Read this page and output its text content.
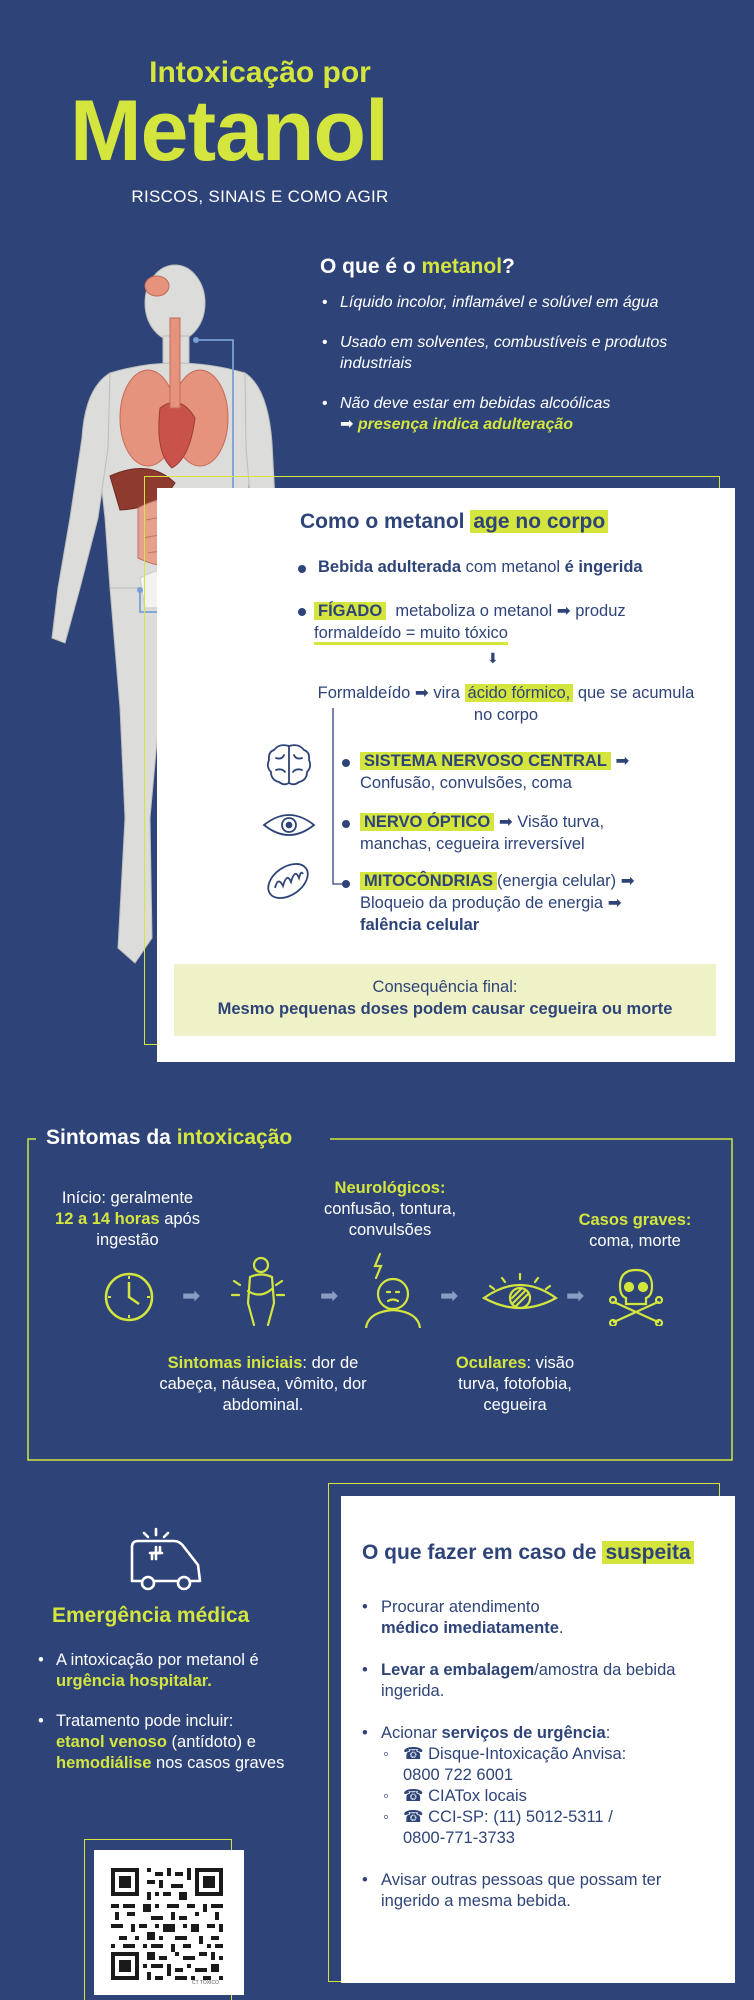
Intoxicação por
Metanol
RISCOS, SINAIS E COMO AGIR
O que é o metanol?
• Líquido incolor, inflamável e solúvel em água
• Usado em solventes, combustíveis e produtos industriais
• Não deve estar em bebidas alcoólicas
➡ presença indica adulteração
Como o metanol age no corpo
Bebida adulterada com metanol é ingerida
FÍGADO metaboliza o metanol ➡ produz
formaldeído = muito tóxico
⬇
Formaldeído ➡ vira ácido fórmico, que se acumula no corpo
SISTEMA NERVOSO CENTRAL ➡
Confusão, convulsões, coma
NERVO ÓPTICO ➡ Visão turva,
manchas, cegueira irreversível
MITOCÔNDRIAS (energia celular) ➡
Bloqueio da produção de energia ➡
falência celular
Consequência final:
Mesmo pequenas doses podem causar cegueira ou morte
Sintomas da intoxicação
Início: geralmente
12 a 14 horas após ingestão
Neurológicos:
confusão, tontura, convulsões
Casos graves:
coma, morte
➡	➡	➡	➡
Sintomas iniciais: dor de cabeça, náusea, vômito, dor abdominal.
Oculares: visão turva, fotofobia, cegueira
Emergência médica
• A intoxicação por metanol é
urgência hospitalar.
• Tratamento pode incluir:
etanol venoso (antídoto) e
hemodiálise nos casos graves
CT TOXICO
O que fazer em caso de suspeita
• Procurar atendimento
médico imediatamente.
• Levar a embalagem/amostra da bebida ingerida.
• Acionar serviços de urgência:
◦ ☎ Disque-Intoxicação Anvisa: 0800 722 6001
◦ ☎ CIATox locais
◦ ☎ CCI-SP: (11) 5012-5311 / 0800-771-3733
• Avisar outras pessoas que possam ter ingerido a mesma bebida.
